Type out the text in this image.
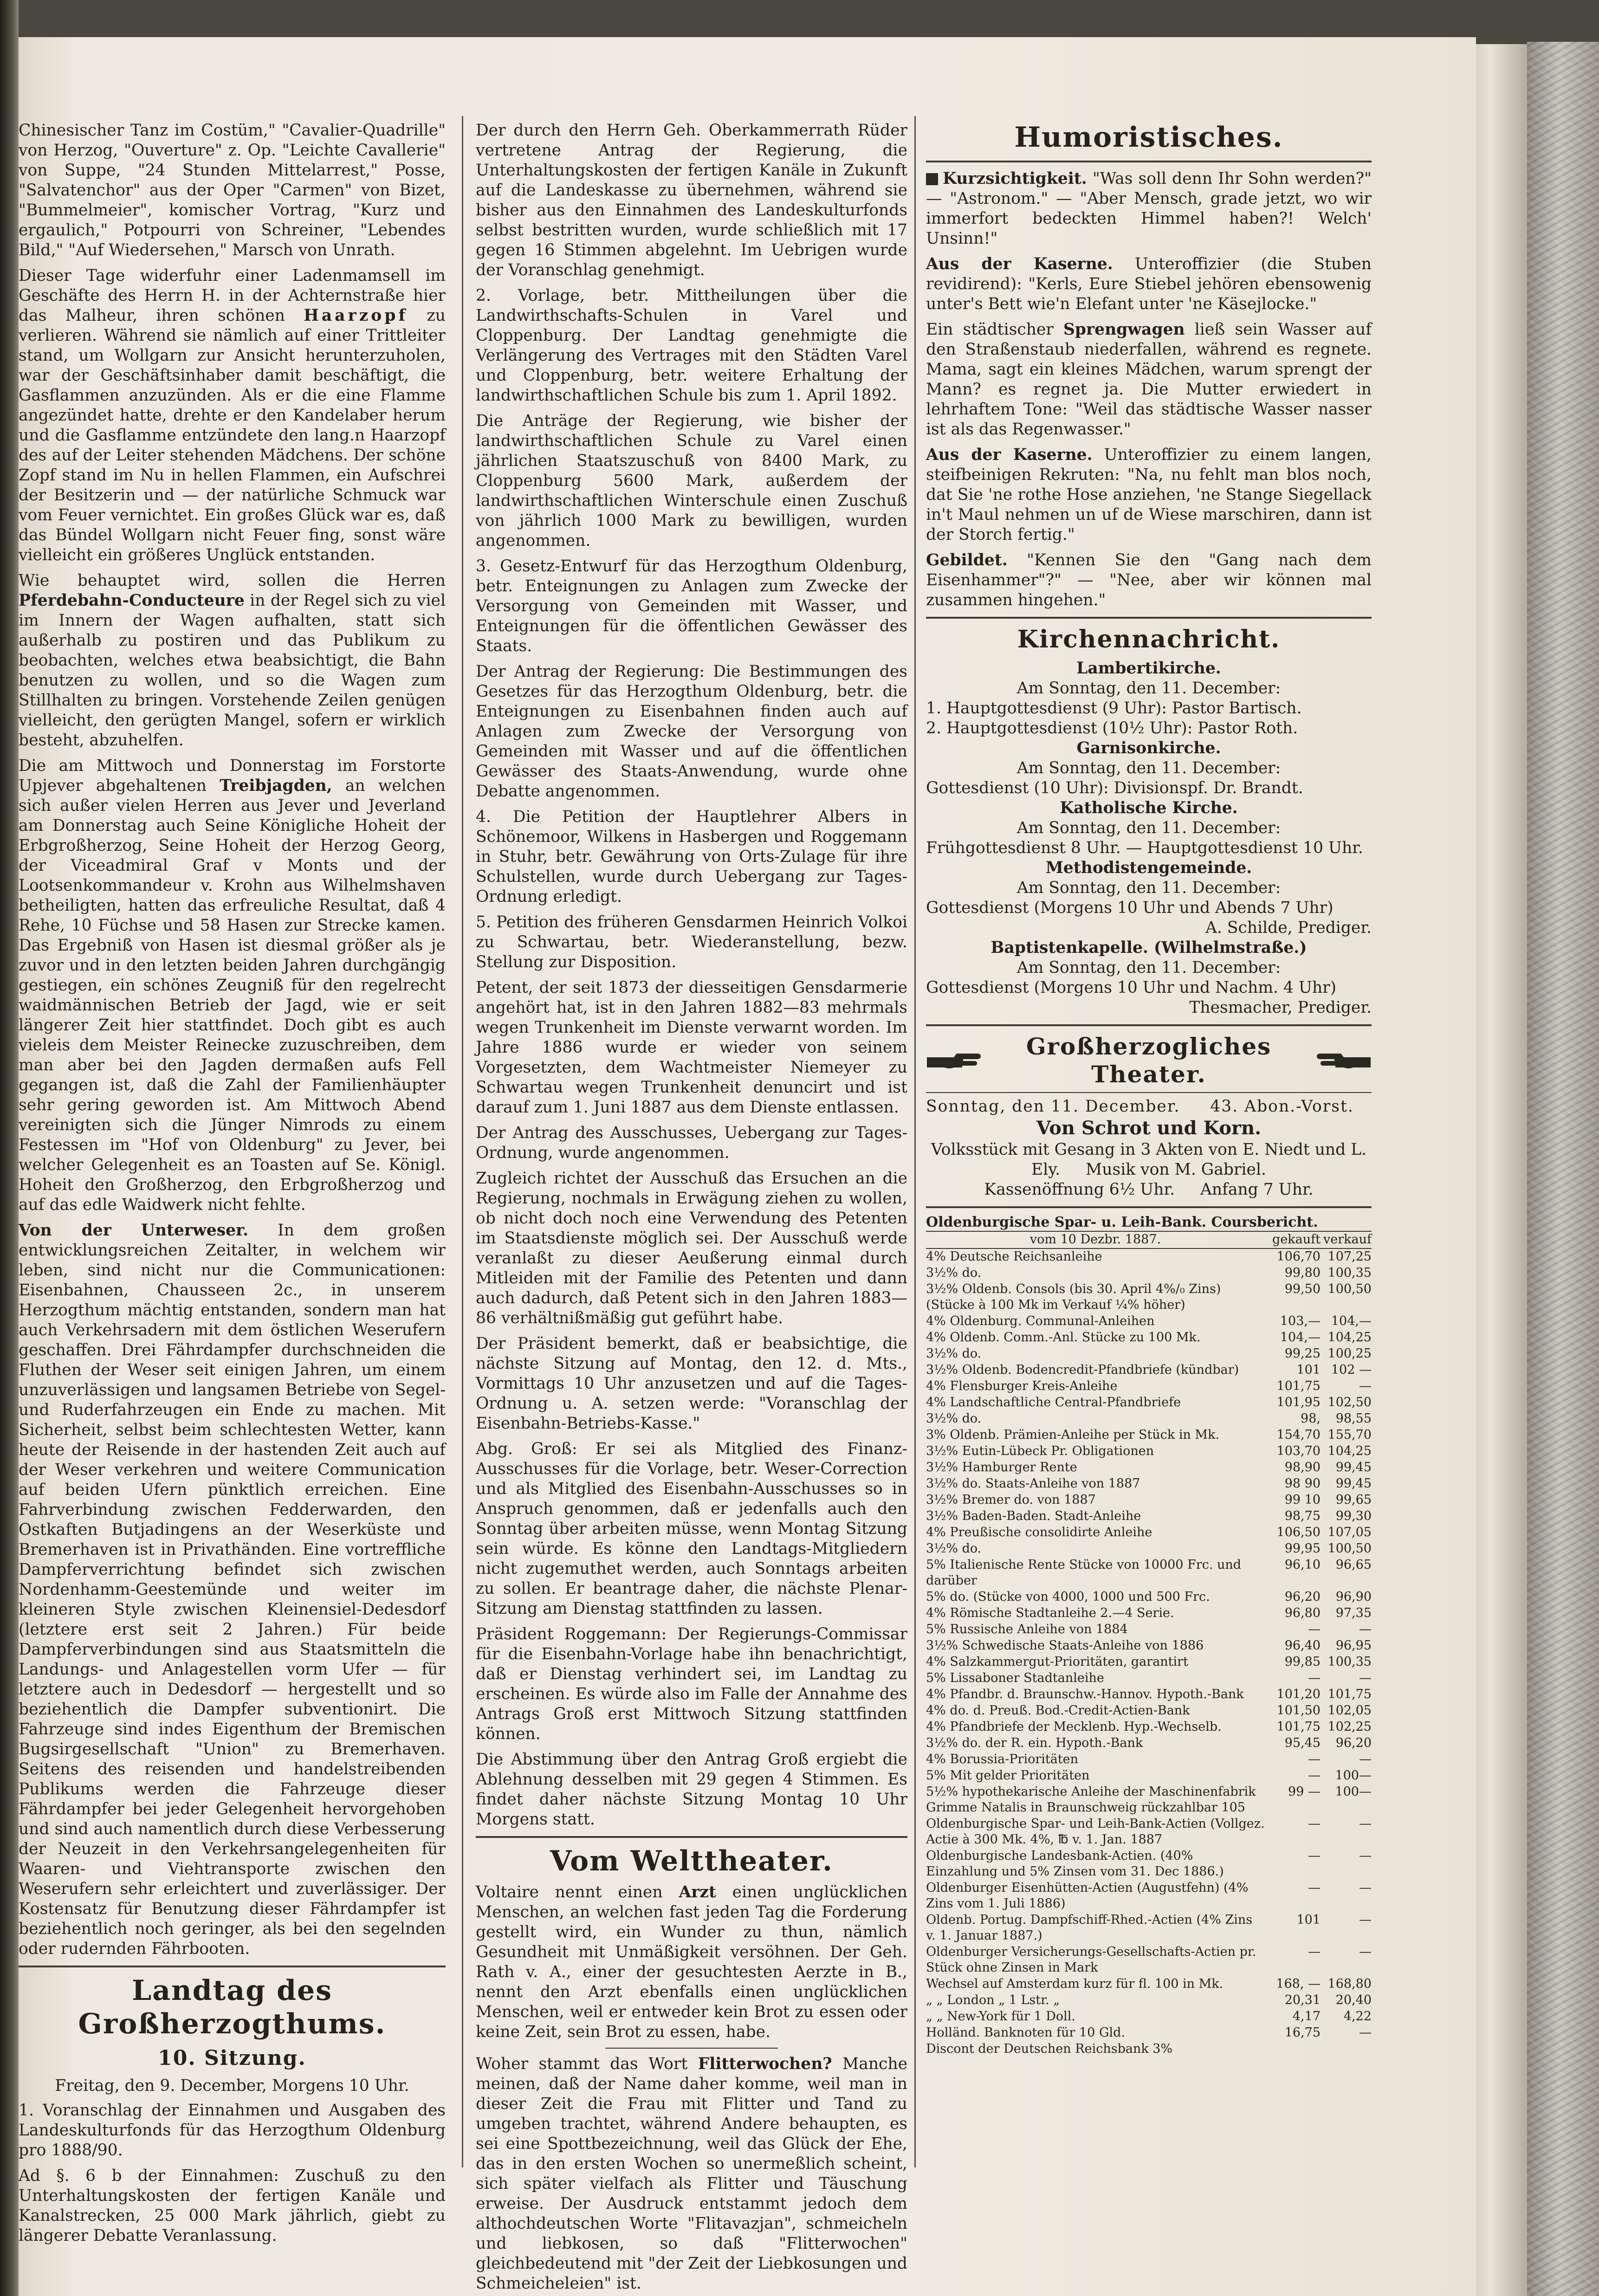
Chinesischer Tanz im Costüm," "Cavalier-Quadrille" von Herzog, "Ouverture" z. Op. "Leichte Cavallerie" von Suppe, "24 Stunden Mittelarrest," Posse, "Salvatenchor" aus der Oper "Carmen" von Bizet, "Bummelmeier", komischer Vortrag, "Kurz und ergaulich," Potpourri von Schreiner, "Lebendes Bild," "Auf Wiedersehen," Marsch von Unrath.

Dieser Tage widerfuhr einer Ladenmamsell im Geschäfte des Herrn H. in der Achternstraße hier das Malheur, ihren schönen Haarzopf zu verlieren. Während sie nämlich auf einer Trittleiter stand, um Wollgarn zur Ansicht herunterzuholen, war der Geschäftsinhaber damit beschäftigt, die Gasflammen anzuzünden. Als er die eine Flamme angezündet hatte, drehte er den Kandelaber herum und die Gasflamme entzündete den lang.n Haarzopf des auf der Leiter stehenden Mädchens. Der schöne Zopf stand im Nu in hellen Flammen, ein Aufschrei der Besitzerin und — der natürliche Schmuck war vom Feuer vernichtet. Ein großes Glück war es, daß das Bündel Wollgarn nicht Feuer fing, sonst wäre vielleicht ein größeres Unglück entstanden.

Wie behauptet wird, sollen die Herren Pferdebahn-Conducteure in der Regel sich zu viel im Innern der Wagen aufhalten, statt sich außerhalb zu postiren und das Publikum zu beobachten, welches etwa beabsichtigt, die Bahn benutzen zu wollen, und so die Wagen zum Stillhalten zu bringen. Vorstehende Zeilen genügen vielleicht, den gerügten Mangel, sofern er wirklich besteht, abzuhelfen.

Die am Mittwoch und Donnerstag im Forstorte Upjever abgehaltenen Treibjagden, an welchen sich außer vielen Herren aus Jever und Jeverland am Donnerstag auch Seine Königliche Hoheit der Erbgroßherzog, Seine Hoheit der Herzog Georg, der Viceadmiral Graf v Monts und der Lootsenkommandeur v. Krohn aus Wilhelmshaven betheiligten, hatten das erfreuliche Resultat, daß 4 Rehe, 10 Füchse und 58 Hasen zur Strecke kamen. Das Ergebniß von Hasen ist diesmal größer als je zuvor und in den letzten beiden Jahren durchgängig gestiegen, ein schönes Zeugniß für den regelrecht waidmännischen Betrieb der Jagd, wie er seit längerer Zeit hier stattfindet. Doch gibt es auch vieleis dem Meister Reinecke zuzuschreiben, dem man aber bei den Jagden dermaßen aufs Fell gegangen ist, daß die Zahl der Familienhäupter sehr gering geworden ist. Am Mittwoch Abend vereinigten sich die Jünger Nimrods zu einem Festessen im "Hof von Oldenburg" zu Jever, bei welcher Gelegenheit es an Toasten auf Se. Königl. Hoheit den Großherzog, den Erbgroßherzog und auf das edle Waidwerk nicht fehlte.

Von der Unterweser. In dem großen entwicklungsreichen Zeitalter, in welchem wir leben, sind nicht nur die Communicationen: Eisenbahnen, Chausseen 2c., in unserem Herzogthum mächtig entstanden, sondern man hat auch Verkehrsadern mit dem östlichen Weserufern geschaffen. Drei Fährdampfer durchschneiden die Fluthen der Weser seit einigen Jahren, um einem unzuverlässigen und langsamen Betriebe von Segel- und Ruderfahrzeugen ein Ende zu machen. Mit Sicherheit, selbst beim schlechtesten Wetter, kann heute der Reisende in der hastenden Zeit auch auf der Weser verkehren und weitere Communication auf beiden Ufern pünktlich erreichen. Eine Fahrverbindung zwischen Fedderwarden, den Ostkaften Butjadingens an der Weserküste und Bremerhaven ist in Privathänden. Eine vortreffliche Dampferverrichtung befindet sich zwischen Nordenhamm-Geestemünde und weiter im kleineren Style zwischen Kleinensiel-Dedesdorf (letztere erst seit 2 Jahren.) Für beide Dampferverbindungen sind aus Staatsmitteln die Landungs- und Anlagestellen vorm Ufer — für letztere auch in Dedesdorf — hergestellt und so beziehentlich die Dampfer subventionirt. Die Fahrzeuge sind indes Eigenthum der Bremischen Bugsirgesellschaft "Union" zu Bremerhaven. Seitens des reisenden und handelstreibenden Publikums werden die Fahrzeuge dieser Fährdampfer bei jeder Gelegenheit hervorgehoben und sind auch namentlich durch diese Verbesserung der Neuzeit in den Verkehrsangelegenheiten für Waaren- und Viehtransporte zwischen den Weserufern sehr erleichtert und zuverlässiger. Der Kostensatz für Benutzung dieser Fährdampfer ist beziehentlich noch geringer, als bei den segelnden oder rudernden Fährbooten.

Landtag des Großherzogthums.
10. Sitzung.
Freitag, den 9. December, Morgens 10 Uhr.

1. Voranschlag der Einnahmen und Ausgaben des Landeskulturfonds für das Herzogthum Oldenburg pro 1888/90.

Ad §. 6 b der Einnahmen: Zuschuß zu den Unterhaltungskosten der fertigen Kanäle und Kanalstrecken, 25 000 Mark jährlich, giebt zu längerer Debatte Veranlassung.

Der durch den Herrn Geh. Oberkammerrath Rüder vertretene Antrag der Regierung, die Unterhaltungskosten der fertigen Kanäle in Zukunft auf die Landeskasse zu übernehmen, während sie bisher aus den Einnahmen des Landeskulturfonds selbst bestritten wurden, wurde schließlich mit 17 gegen 16 Stimmen abgelehnt. Im Uebrigen wurde der Voranschlag genehmigt.

2. Vorlage, betr. Mittheilungen über die Landwirthschafts-Schulen in Varel und Cloppenburg. Der Landtag genehmigte die Verlängerung des Vertrages mit den Städten Varel und Cloppenburg, betr. weitere Erhaltung der landwirthschaftlichen Schule bis zum 1. April 1892.

Die Anträge der Regierung, wie bisher der landwirthschaftlichen Schule zu Varel einen jährlichen Staatszuschuß von 8400 Mark, zu Cloppenburg 5600 Mark, außerdem der landwirthschaftlichen Winterschule einen Zuschuß von jährlich 1000 Mark zu bewilligen, wurden angenommen.

3. Gesetz-Entwurf für das Herzogthum Oldenburg, betr. Enteignungen zu Anlagen zum Zwecke der Versorgung von Gemeinden mit Wasser, und Enteignungen für die öffentlichen Gewässer des Staats.

Der Antrag der Regierung: Die Bestimmungen des Gesetzes für das Herzogthum Oldenburg, betr. die Enteignungen zu Eisenbahnen finden auch auf Anlagen zum Zwecke der Versorgung von Gemeinden mit Wasser und auf die öffentlichen Gewässer des Staats-Anwendung, wurde ohne Debatte angenommen.

4. Die Petition der Hauptlehrer Albers in Schönemoor, Wilkens in Hasbergen und Roggemann in Stuhr, betr. Gewährung von Orts-Zulage für ihre Schulstellen, wurde durch Uebergang zur Tages-Ordnung erledigt.

5. Petition des früheren Gensdarmen Heinrich Volkoi zu Schwartau, betr. Wiederanstellung, bezw. Stellung zur Disposition.

Petent, der seit 1873 der diesseitigen Gensdarmerie angehört hat, ist in den Jahren 1882—83 mehrmals wegen Trunkenheit im Dienste verwarnt worden. Im Jahre 1886 wurde er wieder von seinem Vorgesetzten, dem Wachtmeister Niemeyer zu Schwartau wegen Trunkenheit denuncirt und ist darauf zum 1. Juni 1887 aus dem Dienste entlassen.

Der Antrag des Ausschusses, Uebergang zur Tages-Ordnung, wurde angenommen.

Zugleich richtet der Ausschuß das Ersuchen an die Regierung, nochmals in Erwägung ziehen zu wollen, ob nicht doch noch eine Verwendung des Petenten im Staatsdienste möglich sei. Der Ausschuß werde veranlaßt zu dieser Aeußerung einmal durch Mitleiden mit der Familie des Petenten und dann auch dadurch, daß Petent sich in den Jahren 1883—86 verhältnißmäßig gut geführt habe.

Der Präsident bemerkt, daß er beabsichtige, die nächste Sitzung auf Montag, den 12. d. Mts., Vormittags 10 Uhr anzusetzen und auf die Tages-Ordnung u. A. setzen werde: "Voranschlag der Eisenbahn-Betriebs-Kasse."

Abg. Groß: Er sei als Mitglied des Finanz-Ausschusses für die Vorlage, betr. Weser-Correction und als Mitglied des Eisenbahn-Ausschusses so in Anspruch genommen, daß er jedenfalls auch den Sonntag über arbeiten müsse, wenn Montag Sitzung sein würde. Es könne den Landtags-Mitgliedern nicht zugemuthet werden, auch Sonntags arbeiten zu sollen. Er beantrage daher, die nächste Plenar-Sitzung am Dienstag stattfinden zu lassen.

Präsident Roggemann: Der Regierungs-Commissar für die Eisenbahn-Vorlage habe ihn benachrichtigt, daß er Dienstag verhindert sei, im Landtag zu erscheinen. Es würde also im Falle der Annahme des Antrags Groß erst Mittwoch Sitzung stattfinden können.

Die Abstimmung über den Antrag Groß ergiebt die Ablehnung desselben mit 29 gegen 4 Stimmen. Es findet daher nächste Sitzung Montag 10 Uhr Morgens statt.

Vom Welttheater.

Voltaire nennt einen Arzt einen unglücklichen Menschen, an welchen fast jeden Tag die Forderung gestellt wird, ein Wunder zu thun, nämlich Gesundheit mit Unmäßigkeit versöhnen. Der Geh. Rath v. A., einer der gesuchtesten Aerzte in B., nennt den Arzt ebenfalls einen unglücklichen Menschen, weil er entweder kein Brot zu essen oder keine Zeit, sein Brot zu essen, habe.

Woher stammt das Wort Flitterwochen? Manche meinen, daß der Name daher komme, weil man in dieser Zeit die Frau mit Flitter und Tand zu umgeben trachtet, während Andere behaupten, es sei eine Spottbezeichnung, weil das Glück der Ehe, das in den ersten Wochen so unermeßlich scheint, sich später vielfach als Flitter und Täuschung erweise. Der Ausdruck entstammt jedoch dem althochdeutschen Worte "Flitavazjan", schmeicheln und liebkosen, so daß "Flitterwochen" gleichbedeutend mit "der Zeit der Liebkosungen und Schmeicheleien" ist.

Humoristisches.

Kurzsichtigkeit. "Was soll denn Ihr Sohn werden?" — "Astronom." — "Aber Mensch, grade jetzt, wo wir immerfort bedeckten Himmel haben?! Welch' Unsinn!"

Aus der Kaserne. Unteroffizier (die Stuben revidirend): "Kerls, Eure Stiebel jehören ebensowenig unter's Bett wie'n Elefant unter 'ne Käsejlocke."

Ein städtischer Sprengwagen ließ sein Wasser auf den Straßenstaub niederfallen, während es regnete. Mama, sagt ein kleines Mädchen, warum sprengt der Mann? es regnet ja. Die Mutter erwiedert in lehrhaftem Tone: "Weil das städtische Wasser nasser ist als das Regenwasser."

Aus der Kaserne. Unteroffizier zu einem langen, steifbeinigen Rekruten: "Na, nu fehlt man blos noch, dat Sie 'ne rothe Hose anziehen, 'ne Stange Siegellack in't Maul nehmen un uf de Wiese marschiren, dann ist der Storch fertig."

Gebildet. "Kennen Sie den "Gang nach dem Eisenhammer"?" — "Nee, aber wir können mal zusammen hingehen."

Kirchennachricht.
Lambertikirche.
Am Sonntag, den 11. December:
1. Hauptgottesdienst (9 Uhr): Pastor Bartisch.
2. Hauptgottesdienst (10½ Uhr): Pastor Roth.
Garnisonkirche.
Am Sonntag, den 11. December:
Gottesdienst (10 Uhr): Divisionspf. Dr. Brandt.
Katholische Kirche.
Am Sonntag, den 11. December:
Frühgottesdienst 8 Uhr. — Hauptgottesdienst 10 Uhr.
Methodistengemeinde.
Am Sonntag, den 11. December:
Gottesdienst (Morgens 10 Uhr und Abends 7 Uhr)
A. Schilde, Prediger.
Baptistenkapelle. (Wilhelmstraße.)
Am Sonntag, den 11. December:
Gottesdienst (Morgens 10 Uhr und Nachm. 4 Uhr)
Thesmacher, Prediger.
Großherzogliches Theater.
Sonntag, den 11. December.     43. Abon.-Vorst.
Von Schrot und Korn.
Volksstück mit Gesang in 3 Akten von E. Niedt und L. Ely.     Musik von M. Gabriel.
Kassenöffnung 6½ Uhr.     Anfang 7 Uhr.
Oldenburgische Spar- u. Leih-Bank. Coursbericht.		
vom 10 Dezbr. 1887.	gekauft	verkauf
4% Deutsche Reichsanleihe	106,70	107,25
3½% do.	99,80	100,35
3½% Oldenb. Consols (bis 30. April 4%/₀ Zins) (Stücke à 100 Mk im Verkauf ¼% höher)	99,50	100,50
4% Oldenburg. Communal-Anleihen	103,—	104,—
4% Oldenb. Comm.-Anl. Stücke zu 100 Mk.	104,—	104,25
3½% do.	99,25	100,25
3½% Oldenb. Bodencredit-Pfandbriefe (kündbar)	101	102 —
4% Flensburger Kreis-Anleihe	101,75	—
4% Landschaftliche Central-Pfandbriefe	101,95	102,50
3½% do.	98,	98,55
3% Oldenb. Prämien-Anleihe per Stück in Mk.	154,70	155,70
3½% Eutin-Lübeck Pr. Obligationen	103,70	104,25
3½% Hamburger Rente	98,90	99,45
3½% do. Staats-Anleihe von 1887	98 90	99,45
3½% Bremer do. von 1887	99 10	99,65
3½% Baden-Baden. Stadt-Anleihe	98,75	99,30
4% Preußische consolidirte Anleihe	106,50	107,05
3½% do.	99,95	100,50
5% Italienische Rente Stücke von 10000 Frc. und darüber	96,10	96,65
5% do. (Stücke von 4000, 1000 und 500 Frc.	96,20	96,90
4% Römische Stadtanleihe 2.—4 Serie.	96,80	97,35
5% Russische Anleihe von 1884	—	—
3½% Schwedische Staats-Anleihe von 1886	96,40	96,95
4% Salzkammergut-Prioritäten, garantirt	99,85	100,35
5% Lissaboner Stadtanleihe	—	—
4% Pfandbr. d. Braunschw.-Hannov. Hypoth.-Bank	101,20	101,75
4% do. d. Preuß. Bod.-Credit-Actien-Bank	101,50	102,05
4% Pfandbriefe der Mecklenb. Hyp.-Wechselb.	101,75	102,25
3½% do. der R. ein. Hypoth.-Bank	95,45	96,20
4% Borussia-Prioritäten	—	—
5% Mit gelder Prioritäten	—	100—
5½% hypothekarische Anleihe der Maschinenfabrik Grimme Natalis in Braunschweig rückzahlbar 105	99 —	100—
Oldenburgische Spar- und Leih-Bank-Actien (Vollgez. Actie à 300 Mk. 4%, ℔ v. 1. Jan. 1887	—	—
Oldenburgische Landesbank-Actien. (40% Einzahlung und 5% Zinsen vom 31. Dec 1886.)	—	—
Oldenburger Eisenhütten-Actien (Augustfehn) (4% Zins vom 1. Juli 1886)	—	—
Oldenb. Portug. Dampfschiff-Rhed.-Actien (4% Zins v. 1. Januar 1887.)	101	—
Oldenburger Versicherungs-Gesellschafts-Actien pr. Stück ohne Zinsen in Mark	—	—
Wechsel auf Amsterdam kurz für fl. 100 in Mk.	168, —	168,80
„ „ London „ 1 Lstr. „	20,31	20,40
„ „ New-York für 1 Doll.	4,17	4,22
Holländ. Banknoten für 10 Gld.	16,75	—
Discont der Deutschen Reichsbank 3%		
